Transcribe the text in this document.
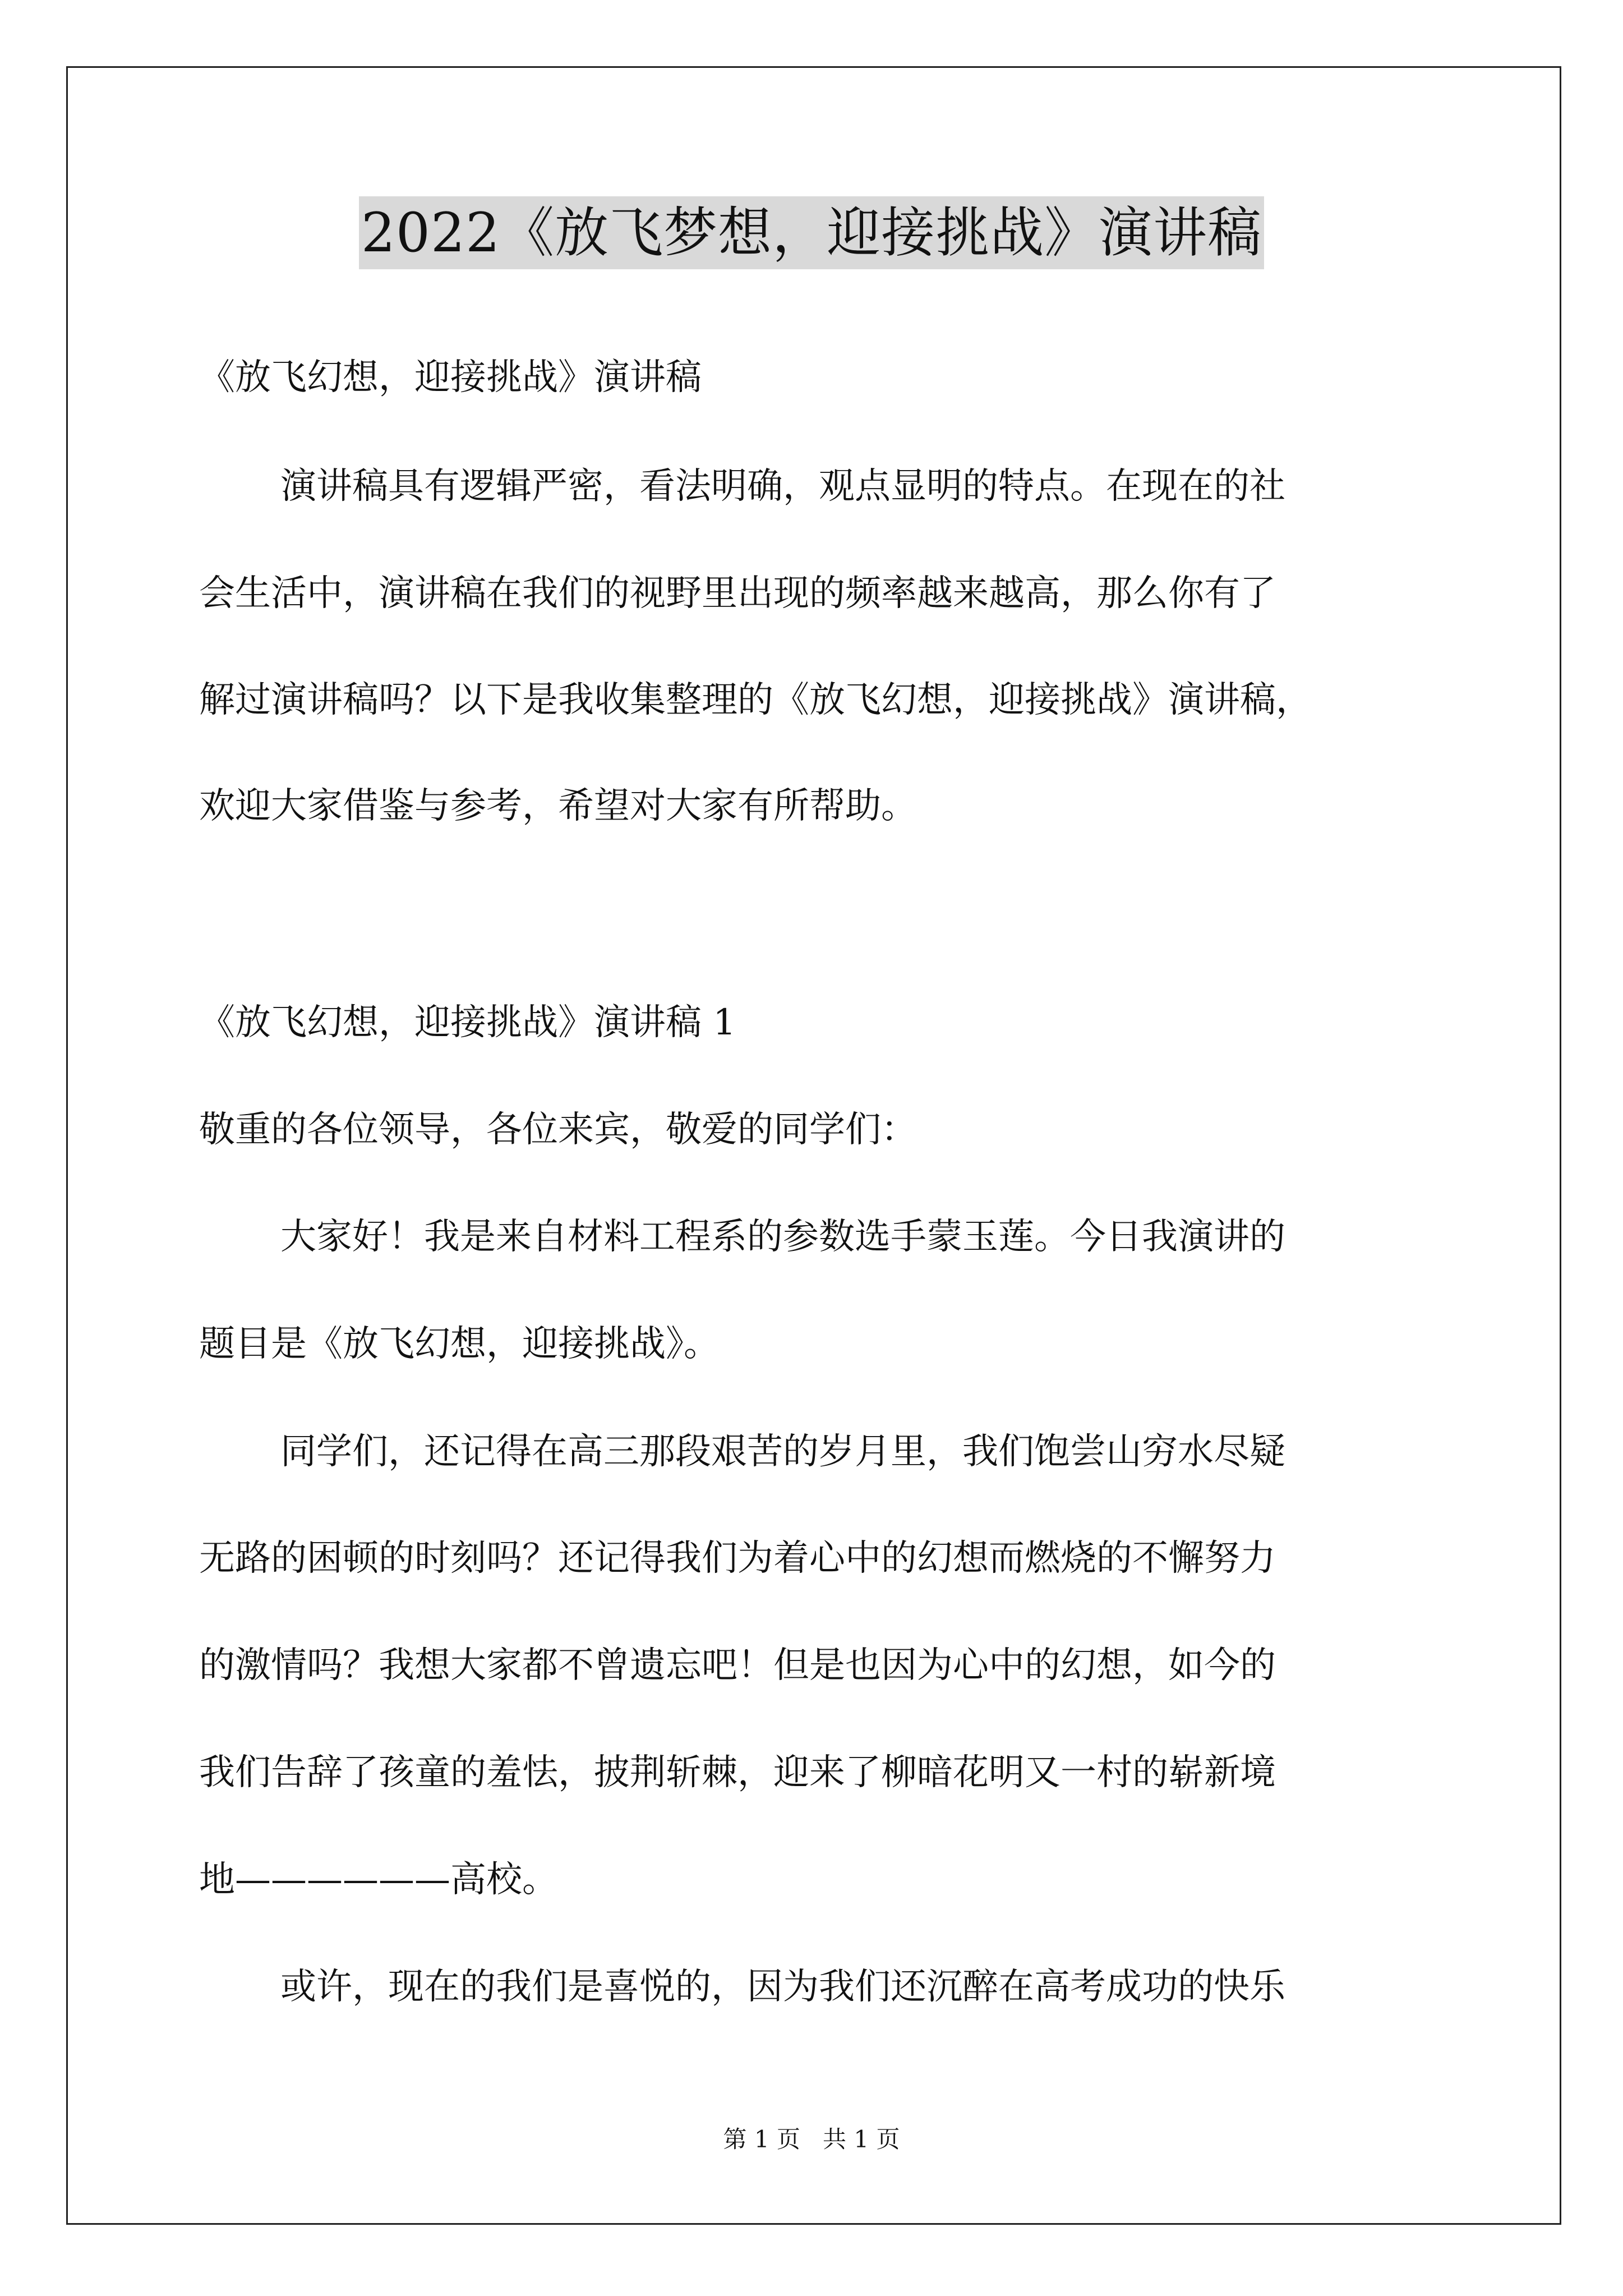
2022《放飞梦想，迎接挑战》演讲稿
《放飞幻想，迎接挑战》演讲稿
演讲稿具有逻辑严密，看法明确，观点显明的特点。在现在的社
会生活中，演讲稿在我们的视野里出现的频率越来越高，那么你有了
解过演讲稿吗？以下是我收集整理的《放飞幻想，迎接挑战》演讲稿，
欢迎大家借鉴与参考，希望对大家有所帮助。
《放飞幻想，迎接挑战》演讲稿 1
敬重的各位领导，各位来宾，敬爱的同学们：
大家好！我是来自材料工程系的参数选手蒙玉莲。今日我演讲的
题目是《放飞幻想，迎接挑战》。
同学们，还记得在高三那段艰苦的岁月里，我们饱尝山穷水尽疑
无路的困顿的时刻吗？还记得我们为着心中的幻想而燃烧的不懈努力
的激情吗？我想大家都不曾遗忘吧！但是也因为心中的幻想，如今的
我们告辞了孩童的羞怯，披荆斩棘，迎来了柳暗花明又一村的崭新境
地——————高校。
或许，现在的我们是喜悦的，因为我们还沉醉在高考成功的快乐
第 1 页   共 1 页
